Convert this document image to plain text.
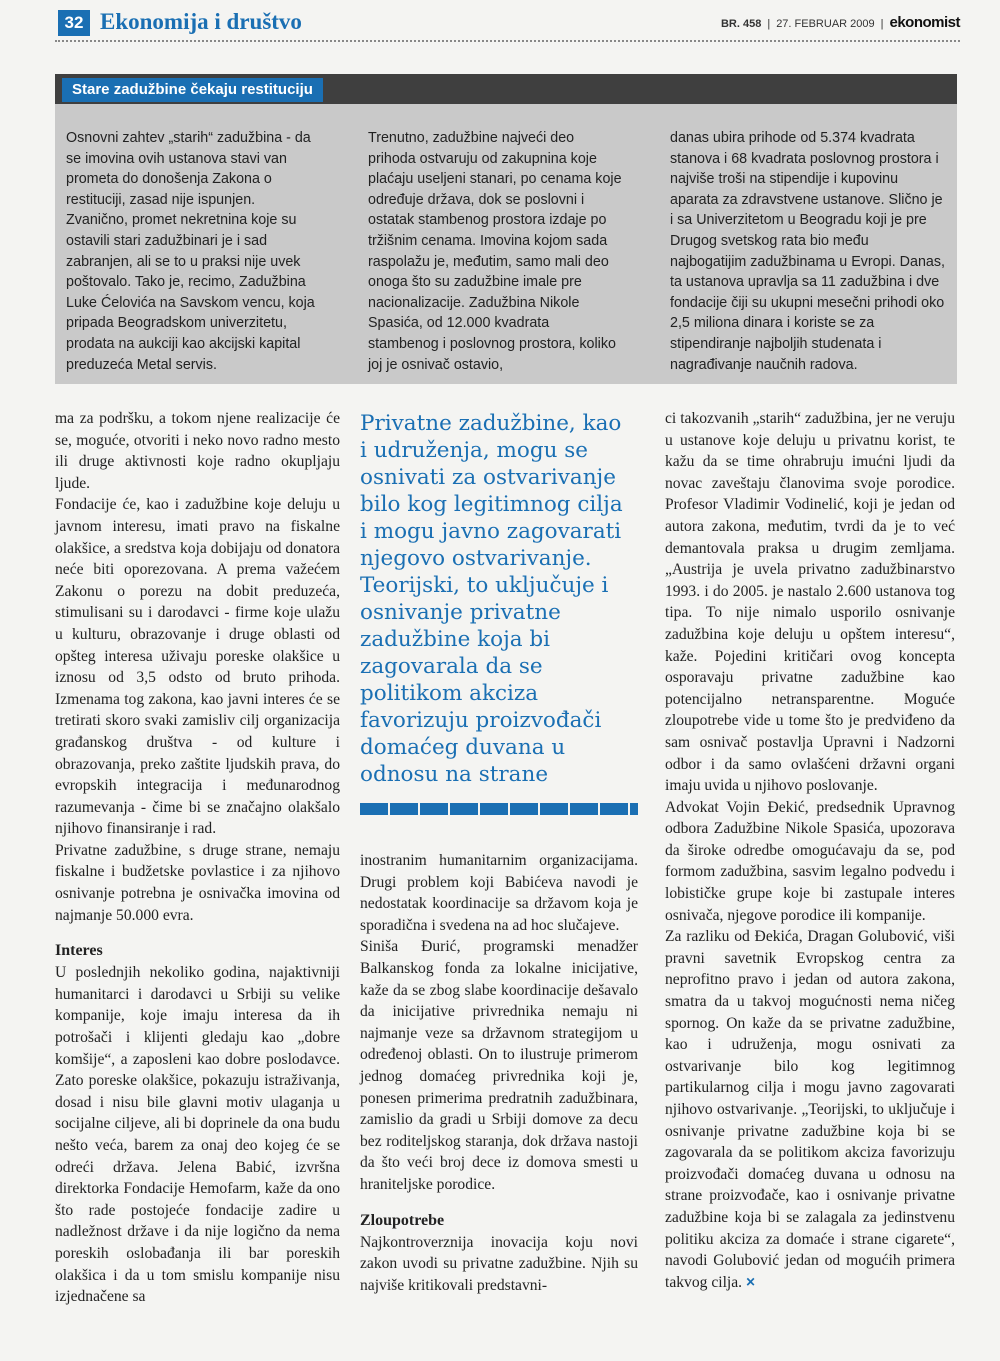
32 Ekonomija i društvo	BR. 458 | 27. FEBRUAR 2009 | ekonomist
Stare zadužbine čekaju restituciju

Osnovni zahtev „starih“ zadužbina - da se imovina ovih ustanova stavi van prometa do donošenja Zakona o restituciji, zasad nije ispunjen. Zvanično, promet nekretnina koje su ostavili stari zadužbinari je i sad zabranjen, ali se to u praksi nije uvek poštovalo. Tako je, recimo, Zadužbina Luke Ćelovića na Savskom vencu, koja pripada Beogradskom univerzitetu, prodata na aukciji kao akcijski kapital preduzeća Metal servis.

Trenutno, zadužbine najveći deo prihoda ostvaruju od zakupnina koje plaćaju useljeni stanari, po cenama koje određuje država, dok se poslovni i ostatak stambenog prostora izdaje po tržišnim cenama. Imovina kojom sada raspolažu je, međutim, samo mali deo onoga što su zadužbine imale pre nacionalizacije. Zadužbina Nikole Spasića, od 12.000 kvadrata stambenog i poslovnog prostora, koliko joj je osnivač ostavio,

danas ubira prihode od 5.374 kvadrata stanova i 68 kvadrata poslovnog prostora i najviše troši na stipendije i kupovinu aparata za zdravstvene ustanove. Slično je i sa Univerzitetom u Beogradu koji je pre Drugog svetskog rata bio među najbogatijim zadužbinama u Evropi. Danas, ta ustanova upravlja sa 11 zadužbina i dve fondacije čiji su ukupni mesečni prihodi oko 2,5 miliona dinara i koriste se za stipendiranje najboljih studenata i nagrađivanje naučnih radova.

ma za podršku, a tokom njene realizacije će se, moguće, otvoriti i neko novo radno mesto ili druge aktivnosti koje radno okupljaju ljude.

Fondacije će, kao i zadužbine koje deluju u javnom interesu, imati pravo na fiskalne olakšice, a sredstva koja dobijaju od donatora neće biti oporezovana. A prema važećem Zakonu o porezu na dobit preduzeća, stimulisani su i darodavci - firme koje ulažu u kulturu, obrazovanje i druge oblasti od opšteg interesa uživaju poreske olakšice u iznosu od 3,5 odsto od bruto prihoda. Izmenama tog zakona, kao javni interes će se tretirati skoro svaki zamisliv cilj organizacija građanskog društva - od kulture i obrazovanja, preko zaštite ljudskih prava, do evropskih integracija i međunarodnog razumevanja - čime bi se značajno olakšalo njihovo finansiranje i rad.

Privatne zadužbine, s druge strane, nemaju fiskalne i budžetske povlastice i za njihovo osnivanje potrebna je osnivačka imovina od najmanje 50.000 evra.

Interes

U poslednjih nekoliko godina, najaktivniji humanitarci i darodavci u Srbiji su velike kompanije, koje imaju interesa da ih potrošači i klijenti gledaju kao „dobre komšije“, a zaposleni kao dobre poslodavce. Zato poreske olakšice, pokazuju istraživanja, dosad i nisu bile glavni motiv ulaganja u socijalne ciljeve, ali bi doprinele da ona budu nešto veća, barem za onaj deo kojeg će se odreći država. Jelena Babić, izvršna direktorka Fondacije Hemofarm, kaže da ono što rade postojeće fondacije zadire u nadležnost države i da nije logično da nema poreskih oslobađanja ili bar poreskih olakšica i da u tom smislu kompanije nisu izjednačene sa

Privatne zadužbine, kao i udruženja, mogu se osnivati za ostvarivanje bilo kog legitimnog cilja i mogu javno zagovarati njegovo ostvarivanje. Teorijski, to uključuje i osnivanje privatne zadužbine koja bi zagovarala da se politikom akciza favorizuju proizvođači domaćeg duvana u odnosu na strane

inostranim humanitarnim organizacijama. Drugi problem koji Babićeva navodi je nedostatak koordinacije sa državom koja je sporadična i svedena na ad hoc slučajeve.

Siniša Đurić, programski menadžer Balkanskog fonda za lokalne inicijative, kaže da se zbog slabe koordinacije dešavalo da inicijative privrednika nemaju ni najmanje veze sa državnom strategijom u određenoj oblasti. On to ilustruje primerom jednog domaćeg privrednika koji je, ponesen primerima predratnih zadužbinara, zamislio da gradi u Srbiji domove za decu bez roditeljskog staranja, dok država nastoji da što veći broj dece iz domova smesti u hraniteljske porodice.

Zloupotrebe

Najkontroverznija inovacija koju novi zakon uvodi su privatne zadužbine. Njih su najviše kritikovali predstavni-

ci takozvanih „starih“ zadužbina, jer ne veruju u ustanove koje deluju u privatnu korist, te kažu da se time ohrabruju imućni ljudi da novac zaveštaju članovima svoje porodice. Profesor Vladimir Vodinelić, koji je jedan od autora zakona, međutim, tvrdi da je to već demantovala praksa u drugim zemljama. „Austrija je uvela privatno zadužbinarstvo 1993. i do 2005. je nastalo 2.600 ustanova tog tipa. To nije nimalo usporilo osnivanje zadužbina koje deluju u opštem interesu“, kaže. Pojedini kritičari ovog koncepta osporavaju privatne zadužbine kao potencijalno netransparentne. Moguće zloupotrebe vide u tome što je predviđeno da sam osnivač postavlja Upravni i Nadzorni odbor i da samo ovlašćeni državni organi imaju uvida u njihovo poslovanje.

Advokat Vojin Đekić, predsednik Upravnog odbora Zadužbine Nikole Spasića, upozorava da široke odredbe omogućavaju da se, pod formom zadužbina, sasvim legalno podvedu i lobističke grupe koje bi zastupale interes osnivača, njegove porodice ili kompanije.

Za razliku od Đekića, Dragan Golubović, viši pravni savetnik Evropskog centra za neprofitno pravo i jedan od autora zakona, smatra da u takvoj mogućnosti nema ničeg spornog. On kaže da se privatne zadužbine, kao i udruženja, mogu osnivati za ostvarivanje bilo kog legitimnog partikularnog cilja i mogu javno zagovarati njihovo ostvarivanje. „Teorijski, to uključuje i osnivanje privatne zadužbine koja bi se zagovarala da se politikom akciza favorizuju proizvođači domaćeg duvana u odnosu na strane proizvođače, kao i osnivanje privatne zadužbine koja bi se zalagala za jedinstvenu politiku akciza za domaće i strane cigarete“, navodi Golubović jedan od mogućih primera takvog cilja. ×
